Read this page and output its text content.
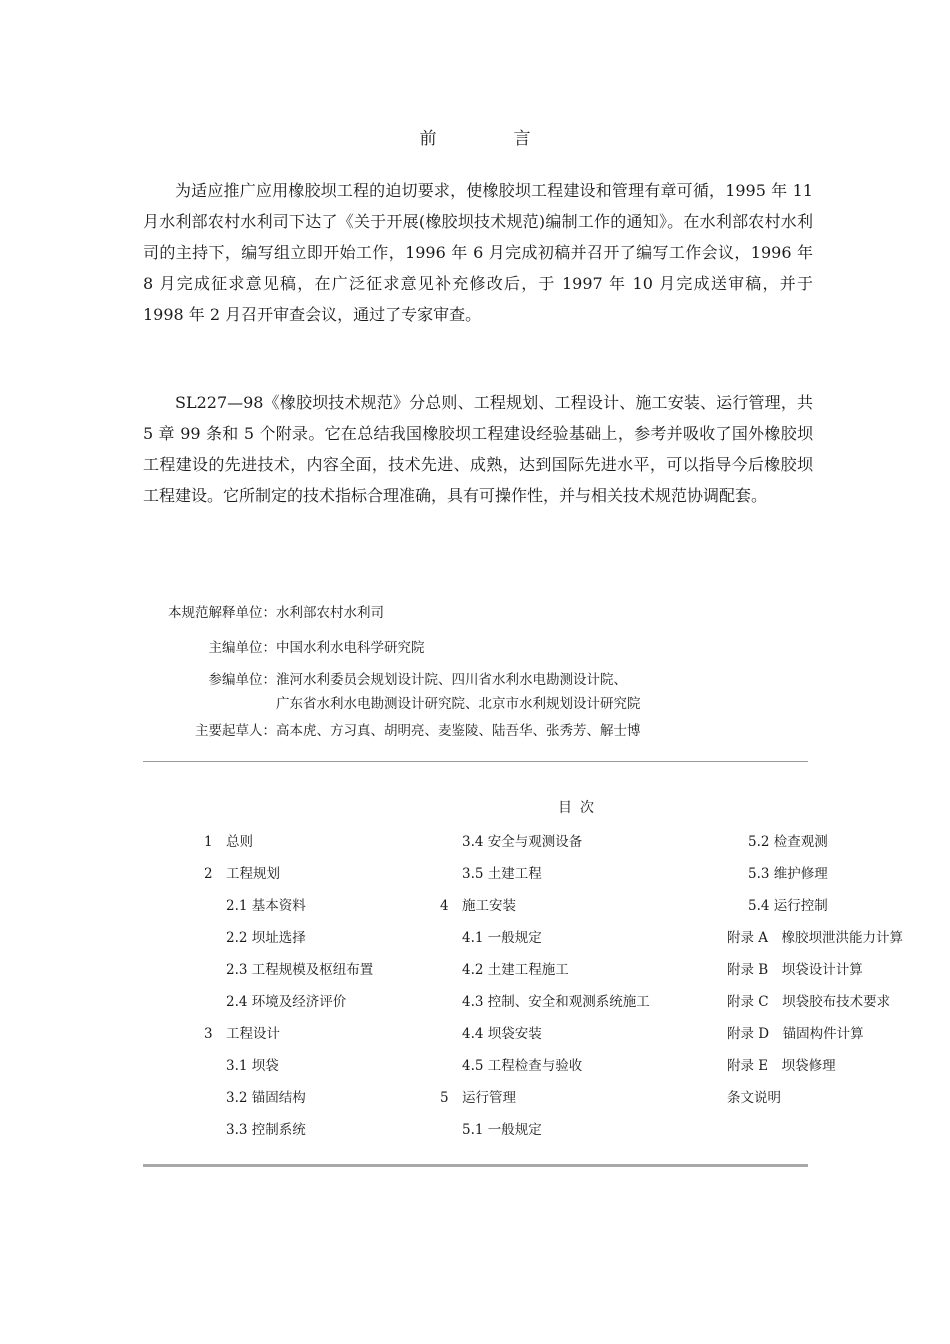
前　言

为适应推广应用橡胶坝工程的迫切要求，使橡胶坝工程建设和管理有章可循，1995 年 11 月水利部农村水利司下达了《关于开展(橡胶坝技术规范)编制工作的通知》。在水利部农村水利司的主持下，编写组立即开始工作，1996 年 6 月完成初稿并召开了编写工作会议，1996 年 8 月完成征求意见稿，在广泛征求意见补充修改后，于 1997 年 10 月完成送审稿，并于 1998 年 2 月召开审查会议，通过了专家审查。

SL227—98《橡胶坝技术规范》分总则、工程规划、工程设计、施工安装、运行管理，共 5 章 99 条和 5 个附录。它在总结我国橡胶坝工程建设经验基础上，参考并吸收了国外橡胶坝工程建设的先进技术，内容全面，技术先进、成熟，达到国际先进水平，可以指导今后橡胶坝工程建设。它所制定的技术指标合理准确，具有可操作性，并与相关技术规范协调配套。

本规范解释单位： 水利部农村水利司
主编单位： 中国水利水电科学研究院
参编单位： 淮河水利委员会规划设计院、四川省水利水电勘测设计院、
广东省水利水电勘测设计研究院、北京市水利规划设计研究院
主要起草人： 高本虎、方习真、胡明亮、麦鉴陵、陆吾华、张秀芳、解士博
目次
1 总则
2 工程规划
2.1 基本资料
2.2 坝址选择
2.3 工程规模及枢纽布置
2.4 环境及经济评价
3 工程设计
3.1 坝袋
3.2 锚固结构
3.3 控制系统
3.4 安全与观测设备
3.5 土建工程
4 施工安装
4.1 一般规定
4.2 土建工程施工
4.3 控制、安全和观测系统施工
4.4 坝袋安装
4.5 工程检查与验收
5 运行管理
5.1 一般规定
5.2 检查观测
5.3 维护修理
5.4 运行控制
附录 A　橡胶坝泄洪能力计算
附录 B　坝袋设计计算
附录 C　坝袋胶布技术要求
附录 D　锚固构件计算
附录 E　坝袋修理
条文说明
